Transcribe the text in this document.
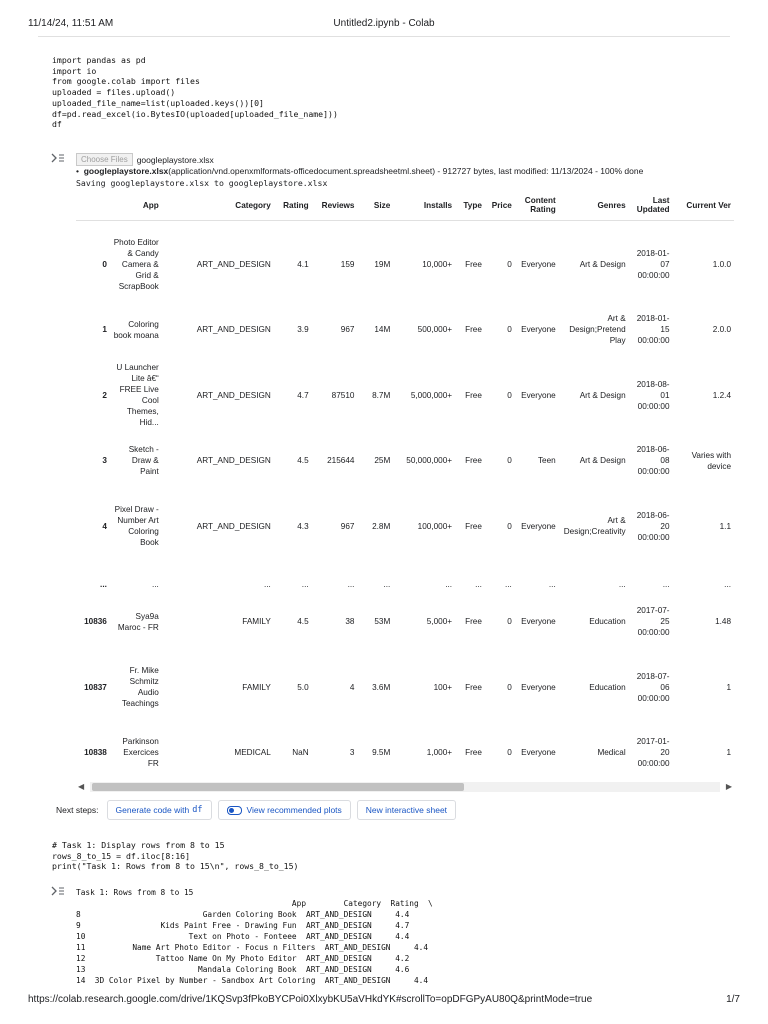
11/14/24, 11:51 AM	Untitled2.ipynb - Colab
import pandas as pd
import io
from google.colab import files
uploaded = files.upload()
uploaded_file_name=list(uploaded.keys())[0]
df=pd.read_excel(io.BytesIO(uploaded[uploaded_file_name]))
df
Choose Files	googleplaystore.xlsx
•  googleplaystore.xlsx(application/vnd.openxmlformats-officedocument.spreadsheetml.sheet) - 912727 bytes, last modified: 11/13/2024 - 100% done
Saving googleplaystore.xlsx to googleplaystore.xlsx
	App	Category	Rating	Reviews	Size	Installs	Type	Price	Content Rating	Genres	Last Updated	Current Ver
0	Photo Editor & Candy Camera & Grid & ScrapBook	ART_AND_DESIGN	4.1	159	19M	10,000+	Free	0	Everyone	Art & Design	2018-01-07 00:00:00	1.0.0
1	Coloring book moana	ART_AND_DESIGN	3.9	967	14M	500,000+	Free	0	Everyone	Art & Design;Pretend Play	2018-01-15 00:00:00	2.0.0
2	U Launcher Lite â€“ FREE Live Cool Themes, Hid...	ART_AND_DESIGN	4.7	87510	8.7M	5,000,000+	Free	0	Everyone	Art & Design	2018-08-01 00:00:00	1.2.4
3	Sketch - Draw & Paint	ART_AND_DESIGN	4.5	215644	25M	50,000,000+	Free	0	Teen	Art & Design	2018-06-08 00:00:00	Varies with device
4	Pixel Draw - Number Art Coloring Book	ART_AND_DESIGN	4.3	967	2.8M	100,000+	Free	0	Everyone	Art & Design;Creativity	2018-06-20 00:00:00	1.1
...	...	...	...	...	...	...	...	...	...	...	...	...
10836	Sya9a Maroc - FR	FAMILY	4.5	38	53M	5,000+	Free	0	Everyone	Education	2017-07-25 00:00:00	1.48
10837	Fr. Mike Schmitz Audio Teachings	FAMILY	5.0	4	3.6M	100+	Free	0	Everyone	Education	2018-07-06 00:00:00	1
10838	Parkinson Exercices FR	MEDICAL	NaN	3	9.5M	1,000+	Free	0	Everyone	Medical	2017-01-20 00:00:00	1

◀	▶
Next steps: Generate code with df	View recommended plots	New interactive sheet
# Task 1: Display rows from 8 to 15
rows_8_to_15 = df.iloc[8:16]
print("Task 1: Rows from 8 to 15\n", rows_8_to_15)
Task 1: Rows from 8 to 15
App        Category  Rating  \
8                          Garden Coloring Book  ART_AND_DESIGN     4.4
9                 Kids Paint Free - Drawing Fun  ART_AND_DESIGN     4.7
10                      Text on Photo - Fonteee  ART_AND_DESIGN     4.4
11          Name Art Photo Editor - Focus n Filters  ART_AND_DESIGN     4.4
12               Tattoo Name On My Photo Editor  ART_AND_DESIGN     4.2
13                        Mandala Coloring Book  ART_AND_DESIGN     4.6
14  3D Color Pixel by Number - Sandbox Art Coloring  ART_AND_DESIGN     4.4
https://colab.research.google.com/drive/1KQSvp3fPkoBYCPoi0XlxybKU5aVHkdYK#scrollTo=opDFGPyAU80Q&printMode=true	1/7
